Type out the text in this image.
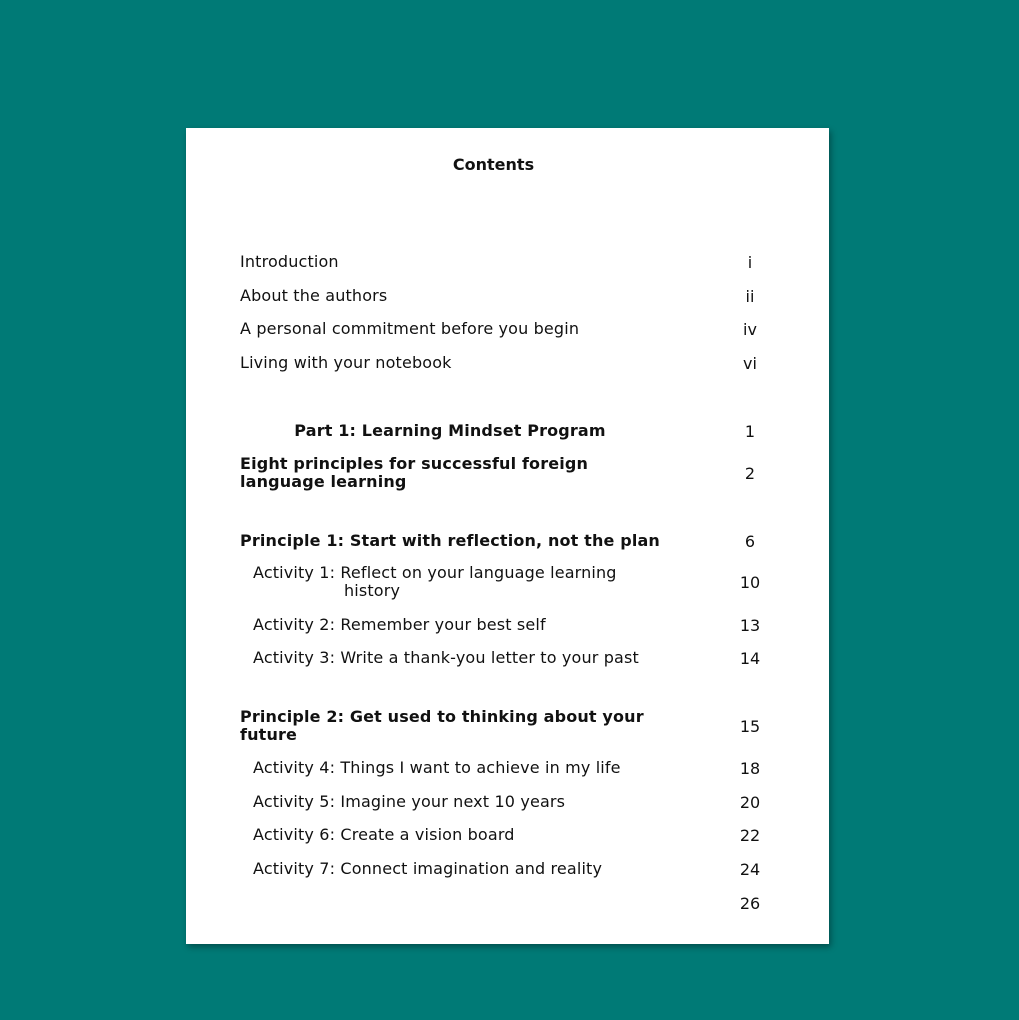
Contents
Introduction	i
About the authors	ii
A personal commitment before you begin	iv
Living with your notebook	vi
Part 1: Learning Mindset Program	1
Eight principles for successful foreign
language learning	2
Principle 1: Start with reflection, not the plan	6
Activity 1: Reflect on your language learning
history	10
Activity 2: Remember your best self	13
Activity 3: Write a thank-you letter to your past	14
Principle 2: Get used to thinking about your
future	15
Activity 4: Things I want to achieve in my life	18
Activity 5: Imagine your next 10 years	20
Activity 6: Create a vision board	22
Activity 7: Connect imagination and reality	24
26
